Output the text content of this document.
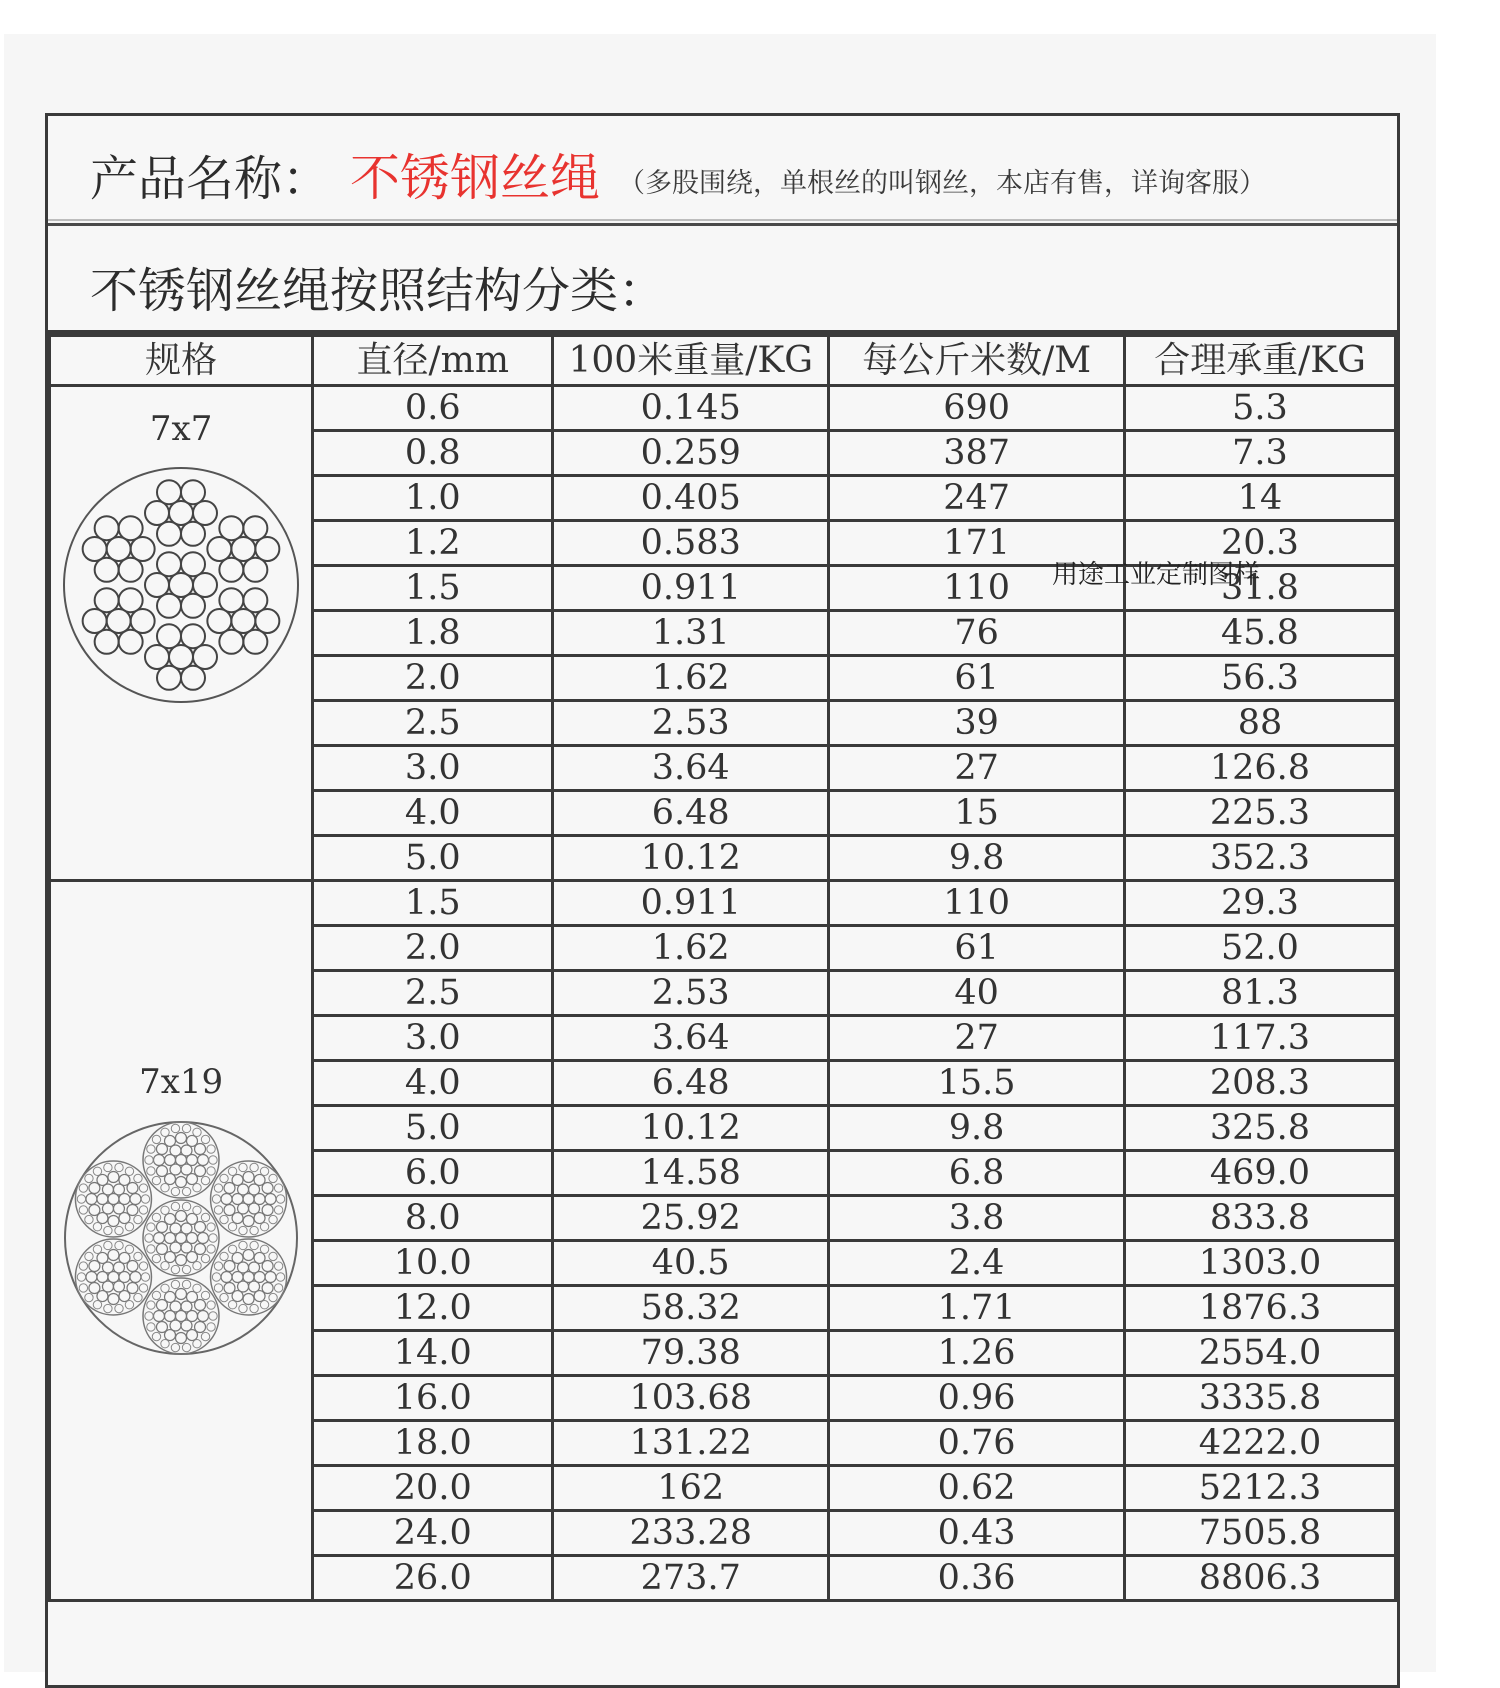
产品名称： 不锈钢丝绳 （多股围绕，单根丝的叫钢丝，本店有售，详询客服）
不锈钢丝绳按照结构分类：
规格	直径/mm	100米重量/KG	每公斤米数/M	合理承重/KG

7x7	0.6	0.145	690	5.3
	0.8	0.259	387	7.3
	1.0	0.405	247	14
	1.2	0.583	171	20.3
	1.5	0.911	110	31.8
	1.8	1.31	76	45.8
	2.0	1.62	61	56.3
	2.5	2.53	39	88
	3.0	3.64	27	126.8
	4.0	6.48	15	225.3
	5.0	10.12	9.8	352.3

7x19	1.5	0.911	110	29.3
	2.0	1.62	61	52.0
	2.5	2.53	40	81.3
	3.0	3.64	27	117.3
	4.0	6.48	15.5	208.3
	5.0	10.12	9.8	325.8
	6.0	14.58	6.8	469.0
	8.0	25.92	3.8	833.8
	10.0	40.5	2.4	1303.0
	12.0	58.32	1.71	1876.3
	14.0	79.38	1.26	2554.0
	16.0	103.68	0.96	3335.8
	18.0	131.22	0.76	4222.0
	20.0	162	0.62	5212.3
	24.0	233.28	0.43	7505.8
	26.0	273.7	0.36	8806.3
用途工业定制图样
